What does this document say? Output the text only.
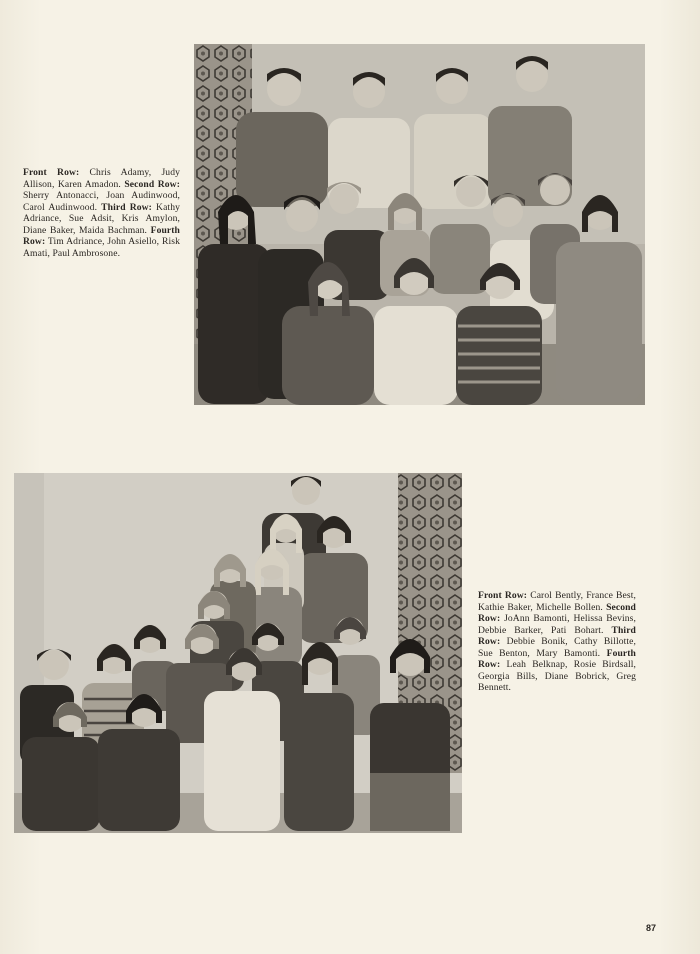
Front Row: Chris Adamy, Judy Allison, Karen Amadon. Second Row: Sherry Antonacci, Joan Audinwood, Carol Audinwood. Third Row: Kathy Adriance, Sue Adsit, Kris Amylon, Diane Baker, Maida Bachman. Fourth Row: Tim Adriance, John Asiello, Risk Amati, Paul Ambrosone.
Front Row: Carol Bently, France Best, Kathie Baker, Michelle Bollen. Second Row: JoAnn Bamonti, Helissa Bevins, Debbie Barker, Pati Bohart. Third Row: Debbie Bonik, Cathy Billotte, Sue Benton, Mary Bamonti. Fourth Row: Leah Belknap, Rosie Birdsall, Georgia Bills, Diane Bobrick, Greg Bennett.
87
